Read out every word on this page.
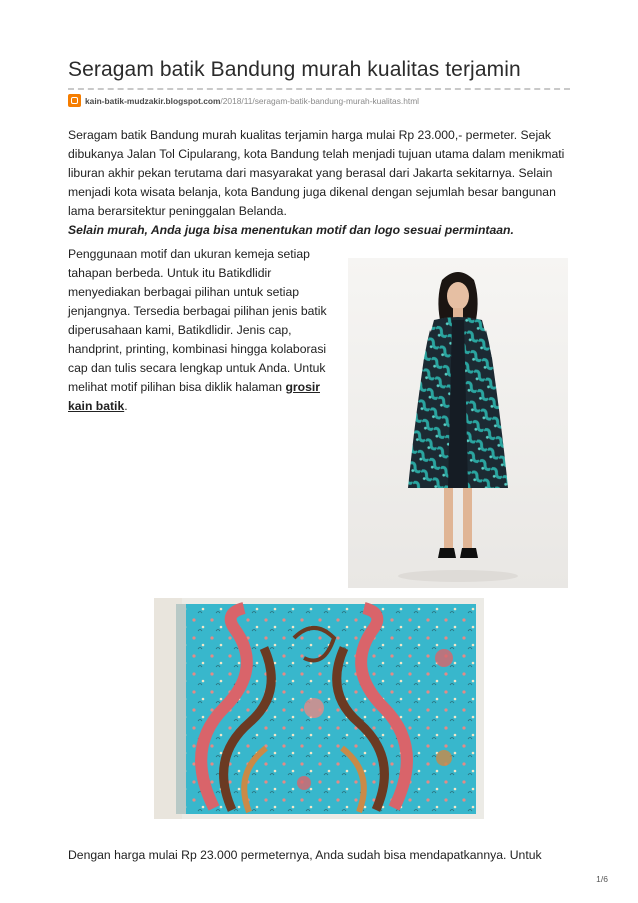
Seragam batik Bandung murah kualitas terjamin
kain-batik-mudzakir.blogspot.com/2018/11/seragam-batik-bandung-murah-kualitas.html

Seragam batik Bandung murah kualitas terjamin harga mulai Rp 23.000,- permeter. Sejak dibukanya Jalan Tol Cipularang, kota Bandung telah menjadi tujuan utama dalam menikmati liburan akhir pekan terutama dari masyarakat yang berasal dari Jakarta sekitarnya. Selain menjadi kota wisata belanja, kota Bandung juga dikenal dengan sejumlah besar bangunan lama berarsitektur peninggalan Belanda.
Selain murah, Anda juga bisa menentukan motif dan logo sesuai permintaan.

Penggunaan motif dan ukuran kemeja setiap tahapan berbeda. Untuk itu Batikdlidir menyediakan berbagai pilihan untuk setiap jenjangnya. Tersedia berbagai pilihan jenis batik diperusahaan kami, Batikdlidir. Jenis cap, handprint, printing, kombinasi hingga kolaborasi cap dan tulis secara lengkap untuk Anda. Untuk melihat motif pilihan bisa diklik halaman grosir kain batik.

Dengan harga mulai Rp 23.000 permeternya, Anda sudah bisa mendapatkannya. Untuk

1/6
